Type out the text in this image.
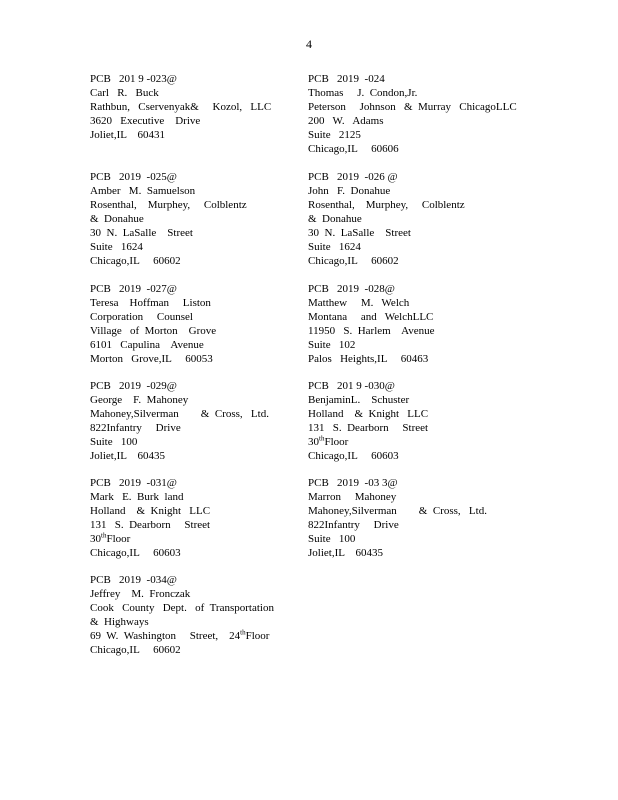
4
PCB   201 9 -023@
Carl   R.   Buck
Rathbun,   Cservenyak&     Kozol,   LLC
3620   Executive    Drive
Joliet,IL    60431
PCB   2019  -024
Thomas     J.  Condon,Jr.
Peterson     Johnson   &  Murray   ChicagoLLC
200   W.   Adams
Suite   2125
Chicago,IL     60606
PCB   2019  -025@
Amber   M.  Samuelson
Rosenthal,    Murphey,     Colblentz
&  Donahue
30  N.  LaSalle    Street
Suite   1624
Chicago,IL     60602
PCB   2019  -026 @
John   F.  Donahue
Rosenthal,    Murphey,     Colblentz
&  Donahue
30  N.  LaSalle    Street
Suite   1624
Chicago,IL     60602
PCB   2019  -027@
Teresa    Hoffman     Liston
Corporation     Counsel
Village   of  Morton    Grove
6101   Capulina    Avenue
Morton   Grove,IL     60053
PCB   2019  -028@
Matthew     M.   Welch
Montana     and   WelchLLC
11950   S.  Harlem    Avenue
Suite   102
Palos   Heights,IL     60463
PCB   2019  -029@
George    F.  Mahoney
Mahoney,Silverman        &  Cross,   Ltd.
822Infantry     Drive
Suite   100
Joliet,IL    60435
PCB   201 9 -030@
BenjaminL.    Schuster
Holland    &  Knight   LLC
131   S.  Dearborn     Street
30thFloor
Chicago,IL     60603
PCB   2019  -031@
Mark   E.  Burk  land
Holland    &  Knight   LLC
131   S.  Dearborn     Street
30thFloor
Chicago,IL     60603
PCB   2019  -03 3@
Marron     Mahoney
Mahoney,Silverman        &  Cross,   Ltd.
822Infantry     Drive
Suite   100
Joliet,IL    60435
PCB   2019  -034@
Jeffrey    M.  Fronczak
Cook   County   Dept.   of  Transportation
&  Highways
69  W.  Washington     Street,    24thFloor
Chicago,IL     60602
